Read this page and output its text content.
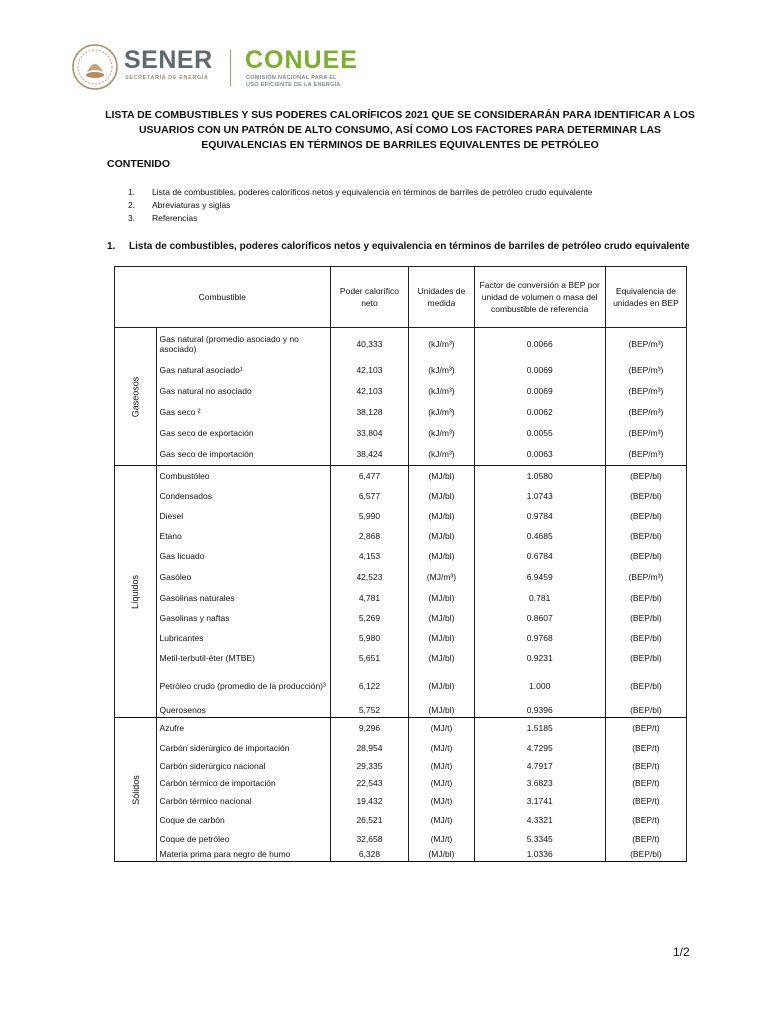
SENER
SECRETARÍA DE ENERGÍA
CONUEE
COMISIÓN NACIONAL PARA EL
USO EFICIENTE DE LA ENERGÍA
LISTA DE COMBUSTIBLES Y SUS PODERES CALORÍFICOS 2021 QUE SE CONSIDERARÁN PARA IDENTIFICAR A LOS USUARIOS CON UN PATRÓN DE ALTO CONSUMO, ASÍ COMO LOS FACTORES PARA DETERMINAR LAS EQUIVALENCIAS EN TÉRMINOS DE BARRILES EQUIVALENTES DE PETRÓLEO
CONTENIDO
1. Lista de combustibles, poderes caloríficos netos y equivalencia en términos de barriles de petróleo crudo equivalente
2. Abreviaturas y siglas
3. Referencias
1. Lista de combustibles, poderes caloríficos netos y equivalencia en términos de barriles de petróleo crudo equivalente
Combustible		Poder calorífico neto	Unidades de medida	Factor de conversión a BEP por unidad de volumen o masa del combustible de referencia	Equivalencia de unidades en BEP
Gaseosos	Gas natural (promedio asociado y no asociado)	40,333	(kJ/m³)	0.0066	(BEP/m³)
	Gas natural asociado¹	42,103	(kJ/m³)	0.0069	(BEP/m³)
	Gas natural no asociado	42,103	(kJ/m³)	0.0069	(BEP/m³)
	Gas seco ²	38,128	(kJ/m³)	0.0062	(BEP/m³)
	Gas seco de exportación	33,804	(kJ/m³)	0.0055	(BEP/m³)
	Gas seco de importación	38,424	(kJ/m³)	0.0063	(BEP/m³)
Líquidos	Combustóleo	6,477	(MJ/bl)	1.0580	(BEP/bl)
	Condensados	6,577	(MJ/bl)	1.0743	(BEP/bl)
	Diesel	5,990	(MJ/bl)	0.9784	(BEP/bl)
	Etano	2,868	(MJ/bl)	0.4685	(BEP/bl)
	Gas licuado	4,153	(MJ/bl)	0.6784	(BEP/bl)
	Gasóleo	42,523	(MJ/m³)	6.9459	(BEP/m³)
	Gasolinas naturales	4,781	(MJ/bl)	0.781	(BEP/bl)
	Gasolinas y naftas	5,269	(MJ/bl)	0.8607	(BEP/bl)
	Lubricantes	5,980	(MJ/bl)	0.9768	(BEP/bl)
	Metil-terbutil-éter (MTBE)	5,651	(MJ/bl)	0.9231	(BEP/bl)
	Petróleo crudo (promedio de la producción)³	6,122	(MJ/bl)	1.000	(BEP/bl)
	Querosenos	5,752	(MJ/bl)	0.9396	(BEP/bl)
Sólidos	Azufre	9,296	(MJ/t)	1.5185	(BEP/t)
	Carbón siderúrgico de importación	28,954	(MJ/t)	4.7295	(BEP/t)
	Carbón siderúrgico nacional	29,335	(MJ/t)	4.7917	(BEP/t)
	Carbón térmico de importación	22,543	(MJ/t)	3.6823	(BEP/t)
	Carbón térmico nacional	19,432	(MJ/t)	3.1741	(BEP/t)
	Coque de carbón	26,521	(MJ/t)	4.3321	(BEP/t)
	Coque de petróleo	32,658	(MJ/t)	5.3345	(BEP/t)
	Materia prima para negro de humo	6,328	(MJ/bl)	1.0336	(BEP/bl)
1/2
